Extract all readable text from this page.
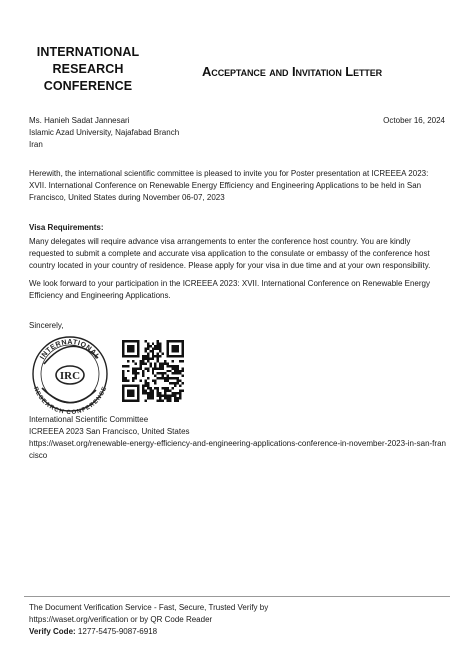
INTERNATIONAL
RESEARCH
CONFERENCE
Acceptance and Invitation Letter
Ms. Hanieh Sadat Jannesari
Islamic Azad University, Najafabad Branch
Iran
October 16, 2024
Herewith, the international scientific committee is pleased to invite you for Poster presentation at ICREEEA 2023: XVII. International Conference on Renewable Energy Efficiency and Engineering Applications to be held in San Francisco, United States during November 06-07, 2023
Visa Requirements:
Many delegates will require advance visa arrangements to enter the conference host country. You are kindly requested to submit a complete and accurate visa application to the consulate or embassy of the conference host country located in your country of residence. Please apply for your visa in due time and at your own responsibility.
We look forward to your participation in the ICREEEA 2023: XVII. International Conference on Renewable Energy Efficiency and Engineering Applications.
Sincerely,
INTERNATIONAL
RESEARCH CONFERENCE
IRC
International Scientific Committee
ICREEEA 2023 San Francisco, United States
https://waset.org/renewable-energy-efficiency-and-engineering-applications-conference-in-november-2023-in-san-francisco
The Document Verification Service - Fast, Secure, Trusted Verify by
https://waset.org/verification or by QR Code Reader
Verify Code: 1277-5475-9087-6918
